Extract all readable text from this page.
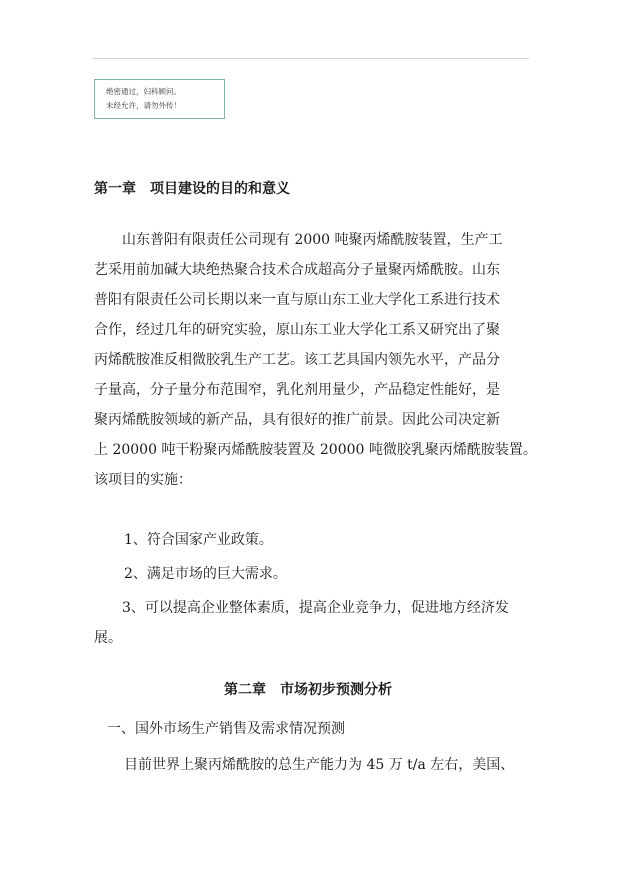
绝密通过，妇科顾问。
未经允许，请勿外传！
第一章 项目建设的目的和意义
　　山东普阳有限责任公司现有 2000 吨聚丙烯酰胺装置，生产工
艺采用前加碱大块绝热聚合技术合成超高分子量聚丙烯酰胺。山东
普阳有限责任公司长期以来一直与原山东工业大学化工系进行技术
合作，经过几年的研究实验，原山东工业大学化工系又研究出了聚
丙烯酰胺准反相微胶乳生产工艺。该工艺具国内领先水平，产品分
子量高，分子量分布范围窄，乳化剂用量少，产品稳定性能好，是
聚丙烯酰胺领域的新产品，具有很好的推广前景。因此公司决定新
上 20000 吨干粉聚丙烯酰胺装置及 20000 吨微胶乳聚丙烯酰胺装置。
该项目的实施：
1、符合国家产业政策。
2、满足市场的巨大需求。
　　3、可以提高企业整体素质，提高企业竞争力，促进地方经济发
展。
第二章 市场初步预测分析
一、国外市场生产销售及需求情况预测
目前世界上聚丙烯酰胺的总生产能力为 45 万 t/a 左右，美国、
